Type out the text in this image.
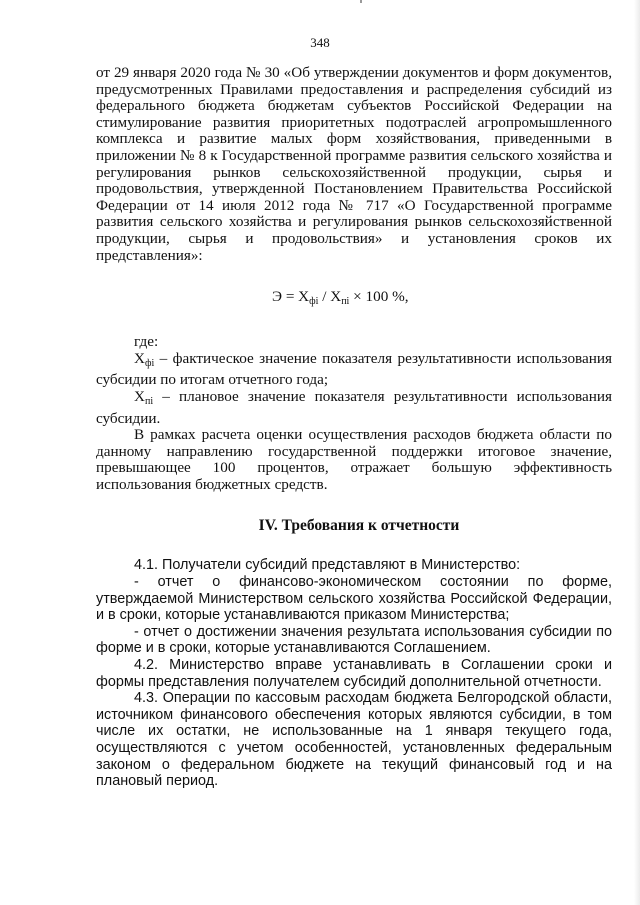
348

от 29 января 2020 года № 30 «Об утверждении документов и форм документов, предусмотренных Правилами предоставления и распределения субсидий из федерального бюджета бюджетам субъектов Российской Федерации на стимулирование развития приоритетных подотраслей агропромышленного комплекса и развитие малых форм хозяйствования, приведенными в приложении № 8 к Государственной программе развития сельского хозяйства и регулирования рынков сельскохозяйственной продукции, сырья и продовольствия, утвержденной Постановлением Правительства Российской Федерации от 14 июля 2012 года № 717 «О Государственной программе развития сельского хозяйства и регулирования рынков сельскохозяйственной продукции, сырья и продовольствия» и установления сроков их представления»:

$Э = Х_{фi} / Х_{пi} \times 100$ %,

где:

$Х_{фi}$ – фактическое значение показателя результативности использования субсидии по итогам отчетного года;

$Х_{пi}$ – плановое значение показателя результативности использования субсидии.

В рамках расчета оценки осуществления расходов бюджета области по данному направлению государственной поддержки итоговое значение, превышающее 100 процентов, отражает большую эффективность использования бюджетных средств.

IV. Требования к отчетности

4.1. Получатели субсидий представляют в Министерство:

- отчет о финансово-экономическом состоянии по форме, утверждаемой Министерством сельского хозяйства Российской Федерации, и в сроки, которые устанавливаются приказом Министерства;

- отчет о достижении значения результата использования субсидии по форме и в сроки, которые устанавливаются Соглашением.

4.2. Министерство вправе устанавливать в Соглашении сроки и формы представления получателем субсидий дополнительной отчетности.

4.3. Операции по кассовым расходам бюджета Белгородской области, источником финансового обеспечения которых являются субсидии, в том числе их остатки, не использованные на 1 января текущего года, осуществляются с учетом особенностей, установленных федеральным законом о федеральном бюджете на текущий финансовый год и на плановый период.
